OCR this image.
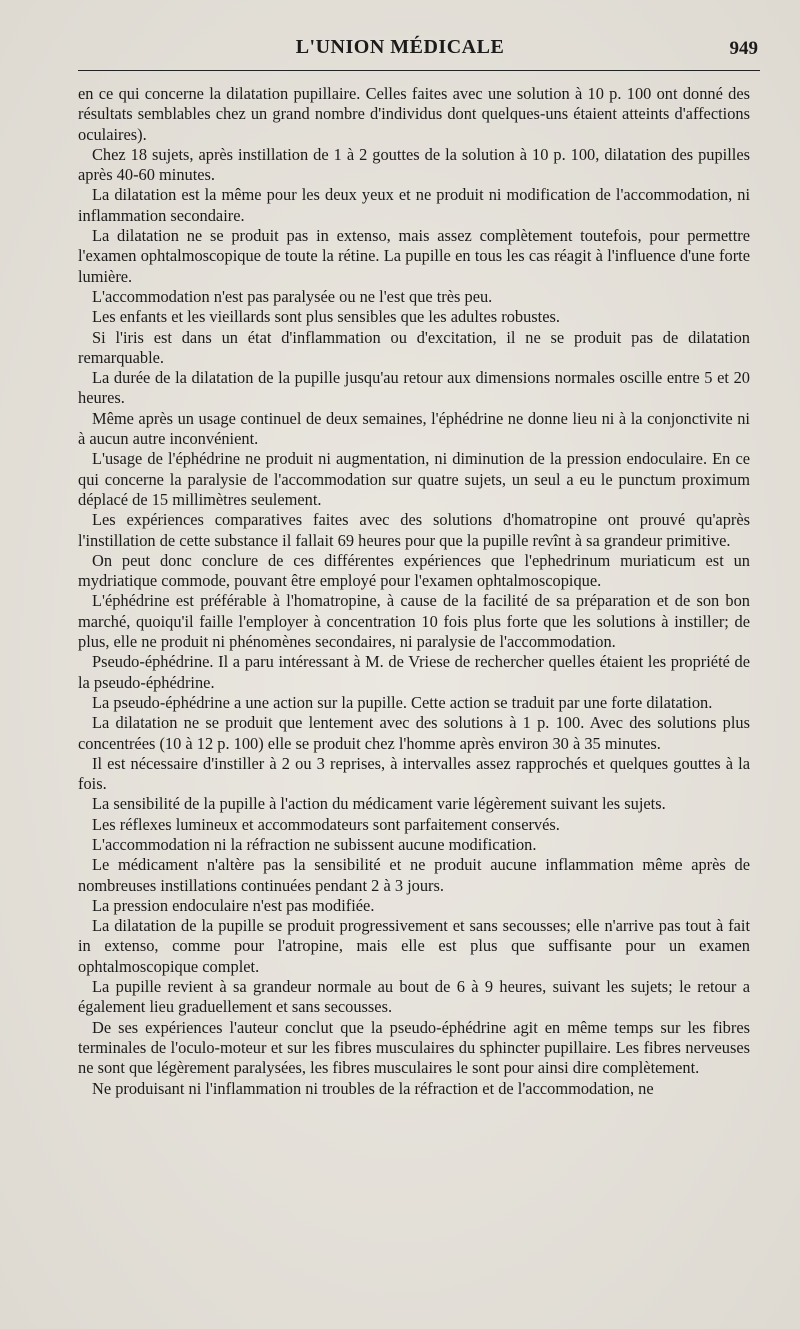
L'UNION MÉDICALE	949

en ce qui concerne la dilatation pupillaire. Celles faites avec une solution à 10 p. 100 ont donné des résultats semblables chez un grand nombre d'individus dont quelques-uns étaient atteints d'affections oculaires).

Chez 18 sujets, après instillation de 1 à 2 gouttes de la solution à 10 p. 100, dilatation des pupilles après 40-60 minutes.

La dilatation est la même pour les deux yeux et ne produit ni modification de l'accommodation, ni inflammation secondaire.

La dilatation ne se produit pas in extenso, mais assez complètement toutefois, pour permettre l'examen ophtalmoscopique de toute la rétine. La pupille en tous les cas réagit à l'influence d'une forte lumière.

L'accommodation n'est pas paralysée ou ne l'est que très peu.

Les enfants et les vieillards sont plus sensibles que les adultes robustes.

Si l'iris est dans un état d'inflammation ou d'excitation, il ne se produit pas de dilatation remarquable.

La durée de la dilatation de la pupille jusqu'au retour aux dimensions normales oscille entre 5 et 20 heures.

Même après un usage continuel de deux semaines, l'éphédrine ne donne lieu ni à la conjonctivite ni à aucun autre inconvénient.

L'usage de l'éphédrine ne produit ni augmentation, ni diminution de la pression endoculaire. En ce qui concerne la paralysie de l'accommodation sur quatre sujets, un seul a eu le punctum proximum déplacé de 15 millimètres seulement.

Les expériences comparatives faites avec des solutions d'homatropine ont prouvé qu'après l'instillation de cette substance il fallait 69 heures pour que la pupille revînt à sa grandeur primitive.

On peut donc conclure de ces différentes expériences que l'ephedrinum muriaticum est un mydriatique commode, pouvant être employé pour l'examen ophtalmoscopique.

L'éphédrine est préférable à l'homatropine, à cause de la facilité de sa préparation et de son bon marché, quoiqu'il faille l'employer à concentration 10 fois plus forte que les solutions à instiller; de plus, elle ne produit ni phénomènes secondaires, ni paralysie de l'accommodation.

Pseudo-éphédrine. Il a paru intéressant à M. de Vriese de rechercher quelles étaient les propriété de la pseudo-éphédrine.

La pseudo-éphédrine a une action sur la pupille. Cette action se traduit par une forte dilatation.

La dilatation ne se produit que lentement avec des solutions à 1 p. 100. Avec des solutions plus concentrées (10 à 12 p. 100) elle se produit chez l'homme après environ 30 à 35 minutes.

Il est nécessaire d'instiller à 2 ou 3 reprises, à intervalles assez rapprochés et quelques gouttes à la fois.

La sensibilité de la pupille à l'action du médicament varie légèrement suivant les sujets.

Les réflexes lumineux et accommodateurs sont parfaitement conservés.

L'accommodation ni la réfraction ne subissent aucune modification.

Le médicament n'altère pas la sensibilité et ne produit aucune inflammation même après de nombreuses instillations continuées pendant 2 à 3 jours.

La pression endoculaire n'est pas modifiée.

La dilatation de la pupille se produit progressivement et sans secousses; elle n'arrive pas tout à fait in extenso, comme pour l'atropine, mais elle est plus que suffisante pour un examen ophtalmoscopique complet.

La pupille revient à sa grandeur normale au bout de 6 à 9 heures, suivant les sujets; le retour a également lieu graduellement et sans secousses.

De ses expériences l'auteur conclut que la pseudo-éphédrine agit en même temps sur les fibres terminales de l'oculo-moteur et sur les fibres musculaires du sphincter pupillaire. Les fibres nerveuses ne sont que légèrement paralysées, les fibres musculaires le sont pour ainsi dire complètement.

Ne produisant ni l'inflammation ni troubles de la réfraction et de l'accommodation, ne
